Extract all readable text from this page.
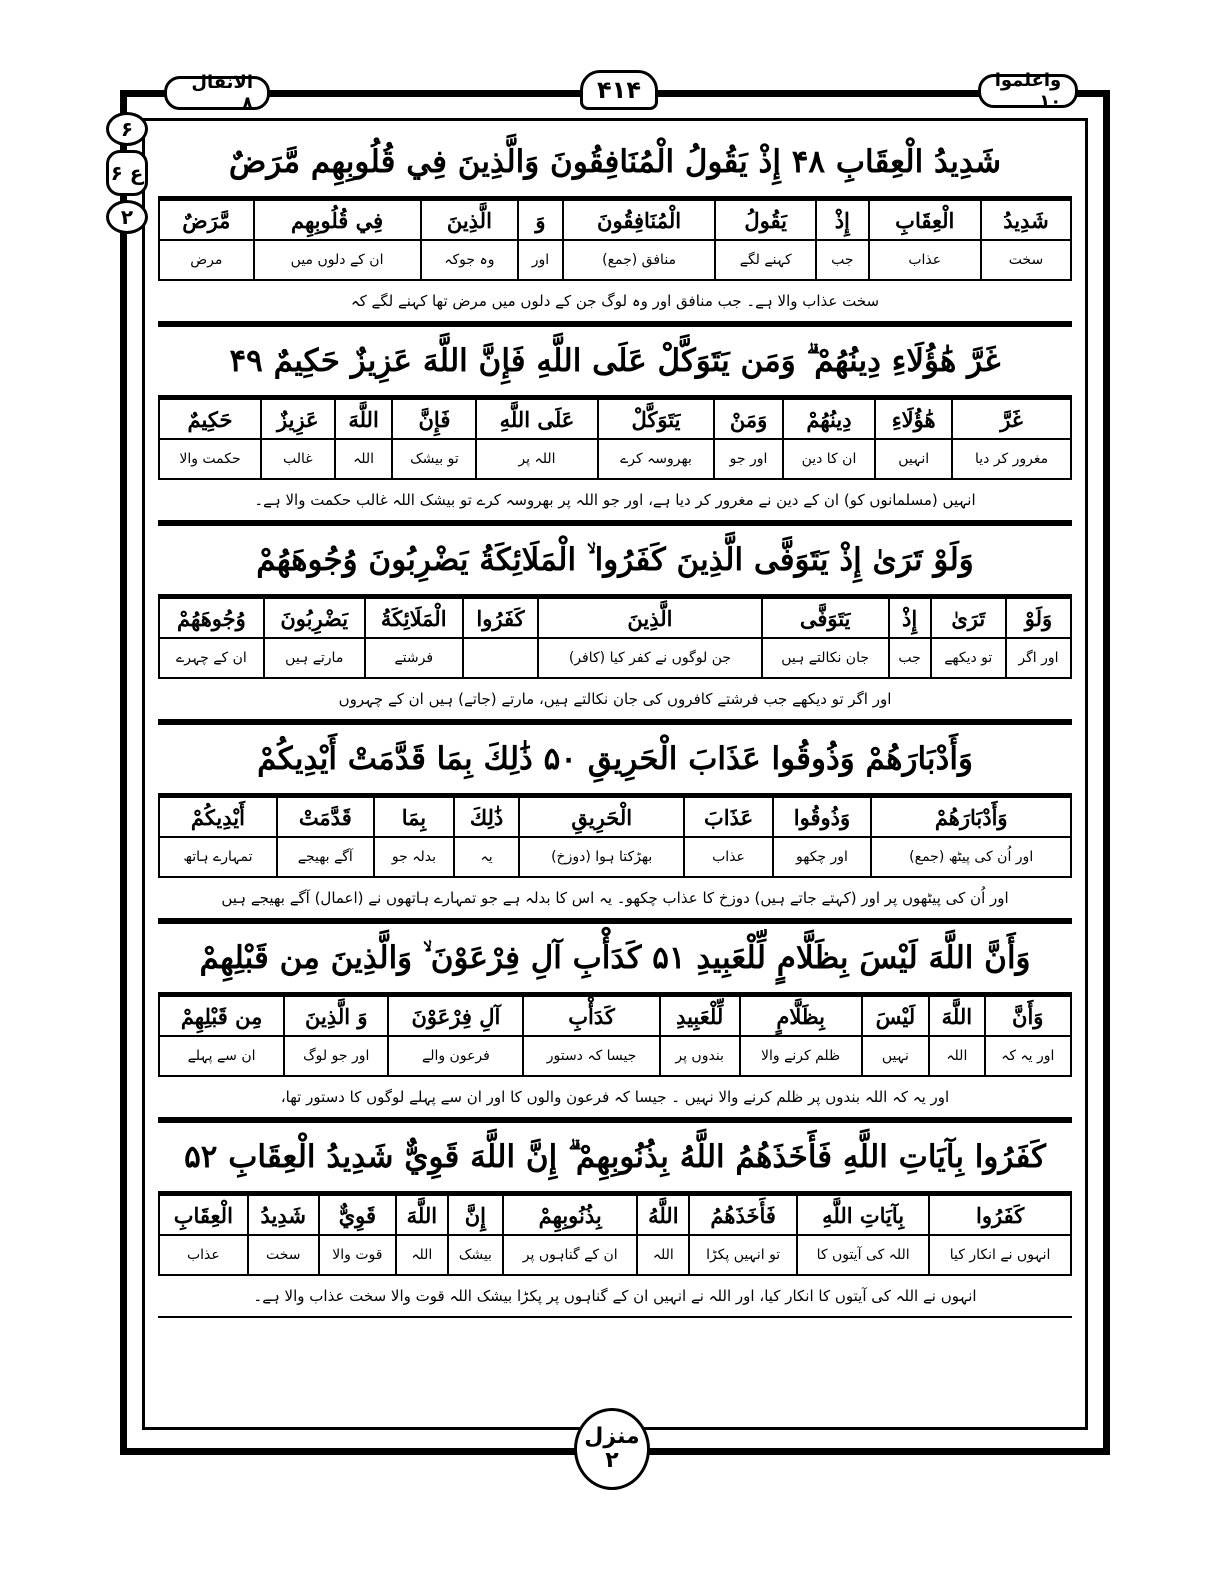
الانفال ۸	۴۱۴	واعلموا ۱۰
۶
ع ۶
۲
شَدِيدُ الْعِقَابِ ۴۸ إِذْ يَقُولُ الْمُنَافِقُونَ وَالَّذِينَ فِي قُلُوبِهِم مَّرَضٌ
شَدِيدُ	الْعِقَابِ	إِذْ	يَقُولُ	الْمُنَافِقُونَ	وَ	الَّذِينَ	فِي قُلُوبِهِم	مَّرَضٌ
سخت	عذاب	جب	کہنے لگے	منافق (جمع)	اور	وہ جوکہ	ان کے دلوں میں	مرض
سخت عذاب والا ہے۔ جب منافق اور وہ لوگ جن کے دلوں میں مرض تھا کہنے لگے کہ
غَرَّ هَٰؤُلَاءِ دِينُهُمْ ۗ وَمَن يَتَوَكَّلْ عَلَى اللَّهِ فَإِنَّ اللَّهَ عَزِيزٌ حَكِيمٌ ۴۹
غَرَّ	هَٰؤُلَاءِ	دِينُهُمْ	وَمَنْ	يَتَوَكَّلْ	عَلَى اللَّهِ	فَإِنَّ	اللَّهَ	عَزِيزٌ	حَكِيمٌ
مغرور کر دیا	انہیں	ان کا دین	اور جو	بھروسہ کرے	اللہ پر	تو بیشک	اللہ	غالب	حکمت والا
انہیں (مسلمانوں کو) ان کے دین نے مغرور کر دیا ہے، اور جو اللہ پر بھروسہ کرے تو بیشک اللہ غالب حکمت والا ہے۔
وَلَوْ تَرَىٰ إِذْ يَتَوَفَّى الَّذِينَ كَفَرُوا ۙ الْمَلَائِكَةُ يَضْرِبُونَ وُجُوهَهُمْ
وَلَوْ	تَرَىٰ	إِذْ	يَتَوَفَّى	الَّذِينَ	كَفَرُوا	الْمَلَائِكَةُ	يَضْرِبُونَ	وُجُوهَهُمْ
اور اگر	تو دیکھے	جب	جان نکالتے ہیں	جن لوگوں نے کفر کیا (کافر)		فرشتے	مارتے ہیں	ان کے چہرے
اور اگر تو دیکھے جب فرشتے کافروں کی جان نکالتے ہیں، مارتے (جاتے) ہیں ان کے چہروں
وَأَدْبَارَهُمْ وَذُوقُوا عَذَابَ الْحَرِيقِ ۵۰ ذَٰلِكَ بِمَا قَدَّمَتْ أَيْدِيكُمْ
وَأَدْبَارَهُمْ	وَذُوقُوا	عَذَابَ	الْحَرِيقِ	ذَٰلِكَ	بِمَا	قَدَّمَتْ	أَيْدِيكُمْ
اور اُن کی پیٹھ (جمع)	اور چکھو	عذاب	بھڑکتا ہوا (دوزخ)	یہ	بدلہ جو	آگے بھیجے	تمہارے ہاتھ
اور اُن کی پیٹھوں پر اور (کہتے جاتے ہیں) دوزخ کا عذاب چکھو۔ یہ اس کا بدلہ ہے جو تمہارے ہاتھوں نے (اعمال) آگے بھیجے ہیں
وَأَنَّ اللَّهَ لَيْسَ بِظَلَّامٍ لِّلْعَبِيدِ ۵۱ كَدَأْبِ آلِ فِرْعَوْنَ ۙ وَالَّذِينَ مِن قَبْلِهِمْ
وَأَنَّ	اللَّهَ	لَيْسَ	بِظَلَّامٍ	لِّلْعَبِيدِ	كَدَأْبِ	آلِ فِرْعَوْنَ	وَ الَّذِينَ	مِن قَبْلِهِمْ
اور یہ کہ	اللہ	نہیں	ظلم کرنے والا	بندوں پر	جیسا کہ دستور	فرعون والے	اور جو لوگ	ان سے پہلے
اور یہ کہ اللہ بندوں پر ظلم کرنے والا نہیں ۔ جیسا کہ فرعون والوں کا اور ان سے پہلے لوگوں کا دستور تھا،
كَفَرُوا بِآيَاتِ اللَّهِ فَأَخَذَهُمُ اللَّهُ بِذُنُوبِهِمْ ۗ إِنَّ اللَّهَ قَوِيٌّ شَدِيدُ الْعِقَابِ ۵۲
كَفَرُوا	بِآيَاتِ اللَّهِ	فَأَخَذَهُمُ	اللَّهُ	بِذُنُوبِهِمْ	إِنَّ	اللَّهَ	قَوِيٌّ	شَدِيدُ	الْعِقَابِ
انہوں نے انکار کیا	اللہ کی آیتوں کا	تو انہیں پکڑا	اللہ	ان کے گناہوں پر	بیشک	اللہ	قوت والا	سخت	عذاب
انہوں نے اللہ کی آیتوں کا انکار کیا، اور اللہ نے انہیں ان کے گناہوں پر پکڑا بیشک اللہ قوت والا سخت عذاب والا ہے۔
منزل
۲
